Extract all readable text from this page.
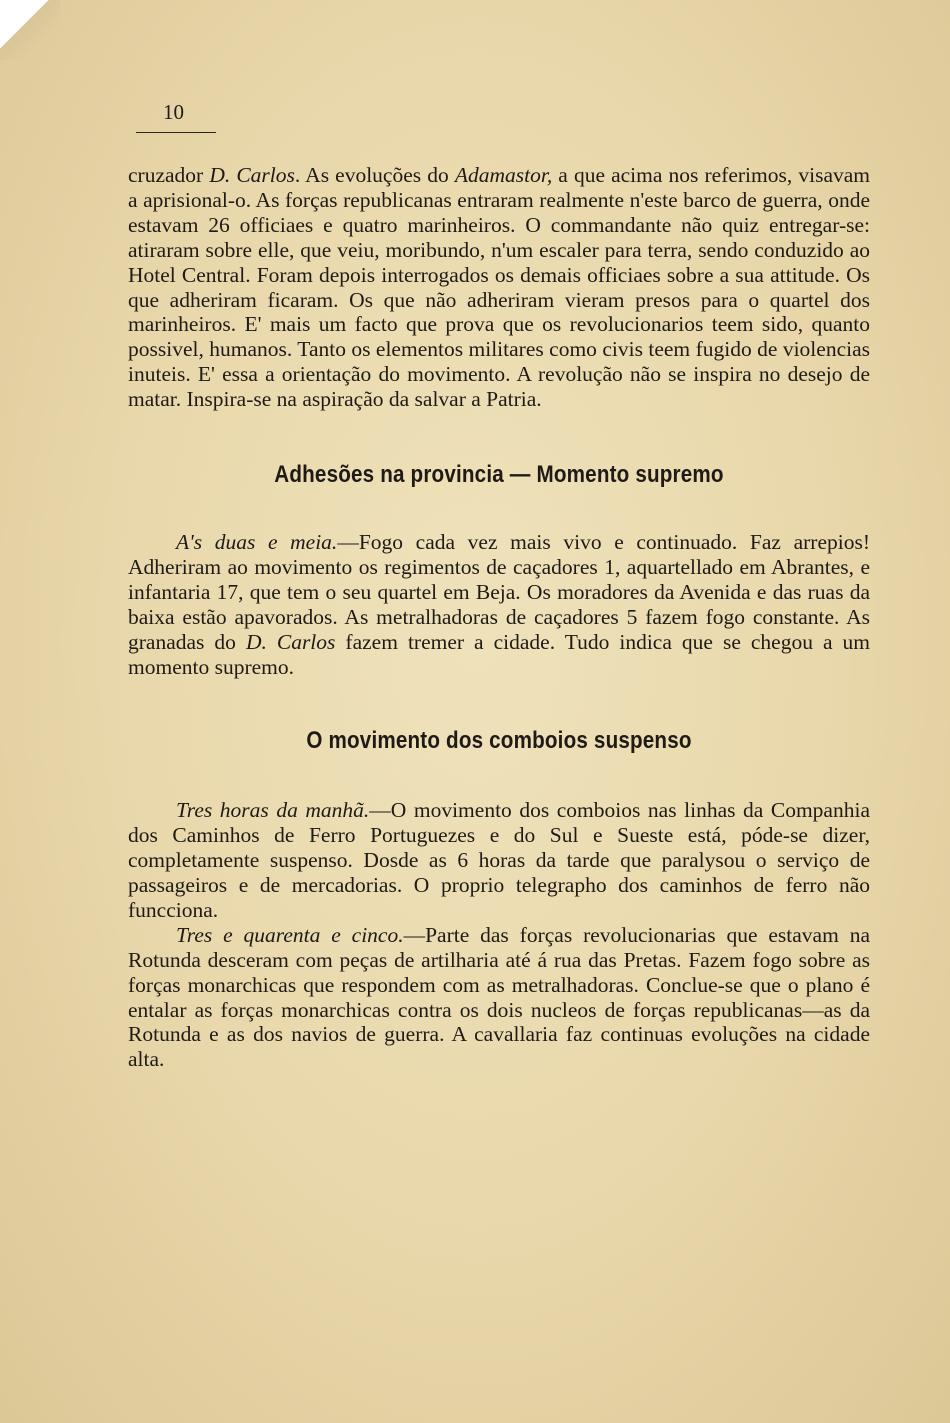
10

cruzador D. Carlos. As evoluções do Adamastor, a que acima nos referimos, visavam a aprisional-o. As forças republicanas entraram realmente n'este barco de guerra, onde estavam 26 officiaes e quatro marinheiros. O commandante não quiz entregar-se: atiraram sobre elle, que veiu, moribundo, n'um escaler para terra, sendo conduzido ao Hotel Central. Foram depois interrogados os demais officiaes sobre a sua attitude. Os que adheriram ficaram. Os que não adheriram vieram presos para o quartel dos marinheiros. E' mais um facto que prova que os revolucionarios teem sido, quanto possivel, humanos. Tanto os elementos militares como civis teem fugido de violencias inuteis. E' essa a orientação do movimento. A revolução não se inspira no desejo de matar. Inspira-se na aspiração da salvar a Patria.

Adhesões na provincia — Momento supremo

A's duas e meia.—Fogo cada vez mais vivo e continuado. Faz arrepios! Adheriram ao movimento os regimentos de caçadores 1, aquartellado em Abrantes, e infantaria 17, que tem o seu quartel em Beja. Os moradores da Avenida e das ruas da baixa estão apavorados. As metralhadoras de caçadores 5 fazem fogo constante. As granadas do D. Carlos fazem tremer a cidade. Tudo indica que se chegou a um momento supremo.

O movimento dos comboios suspenso

Tres horas da manhã.—O movimento dos comboios nas linhas da Companhia dos Caminhos de Ferro Portuguezes e do Sul e Sueste está, póde-se dizer, completamente suspenso. Dosde as 6 horas da tarde que paralysou o serviço de passageiros e de mercadorias. O proprio telegrapho dos caminhos de ferro não funcciona.

Tres e quarenta e cinco.—Parte das forças revolucionarias que estavam na Rotunda desceram com peças de artilharia até á rua das Pretas. Fazem fogo sobre as forças monarchicas que respondem com as metralhadoras. Conclue-se que o plano é entalar as forças monarchicas contra os dois nucleos de forças republicanas—as da Rotunda e as dos navios de guerra. A cavallaria faz continuas evoluções na cidade alta.
